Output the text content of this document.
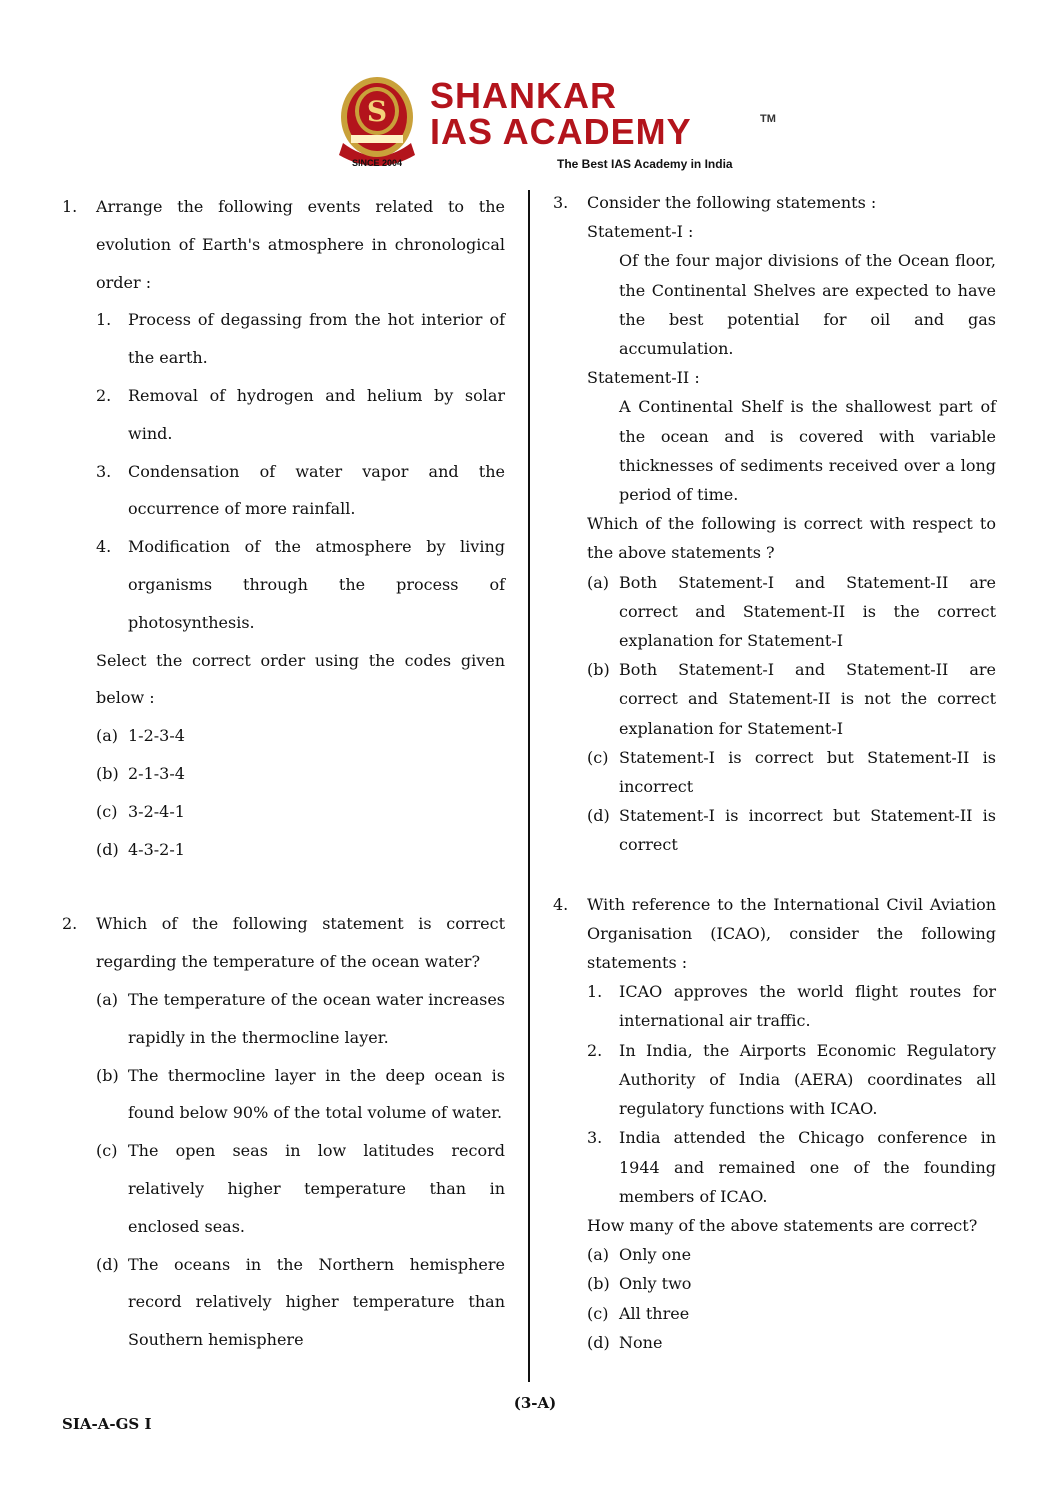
S
SINCE 2004
SHANKAR
IAS ACADEMY	TM
The Best IAS Academy in India
1.	Arrange the following events related to the evolution of Earth's atmosphere in chronological order :
1.	Process of degassing from the hot interior of the earth.
2.	Removal of hydrogen and helium by solar wind.
3.	Condensation of water vapor and the occurrence of more rainfall.
4.	Modification of the atmosphere by living organisms through the process of photosynthesis.
Select the correct order using the codes given below :
(a) 1-2-3-4
(b) 2-1-3-4
(c) 3-2-4-1
(d) 4-3-2-1
2.	Which of the following statement is correct regarding the temperature of the ocean water?
(a) The temperature of the ocean water increases rapidly in the thermocline layer.
(b) The thermocline layer in the deep ocean is found below 90% of the total volume of water.
(c) The open seas in low latitudes record relatively higher temperature than in enclosed seas.
(d) The oceans in the Northern hemisphere record relatively higher temperature than Southern hemisphere
3.	Consider the following statements :
Statement-I :
Of the four major divisions of the Ocean floor, the Continental Shelves are expected to have the best potential for oil and gas accumulation.
Statement-II :
A Continental Shelf is the shallowest part of the ocean and is covered with variable thicknesses of sediments received over a long period of time.
Which of the following is correct with respect to the above statements ?
(a) Both Statement-I and Statement-II are correct and Statement-II is the correct explanation for Statement-I
(b) Both Statement-I and Statement-II are correct and Statement-II is not the correct explanation for Statement-I
(c) Statement-I is correct but Statement-II is incorrect
(d) Statement-I is incorrect but Statement-II is correct
4.	With reference to the International Civil Aviation Organisation (ICAO), consider the following statements :
1.	ICAO approves the world flight routes for international air traffic.
2.	In India, the Airports Economic Regulatory Authority of India (AERA) coordinates all regulatory functions with ICAO.
3.	India attended the Chicago conference in 1944 and remained one of the founding members of ICAO.
How many of the above statements are correct?
(a) Only one
(b) Only two
(c) All three
(d) None
(3-A)
SIA-A-GS I
